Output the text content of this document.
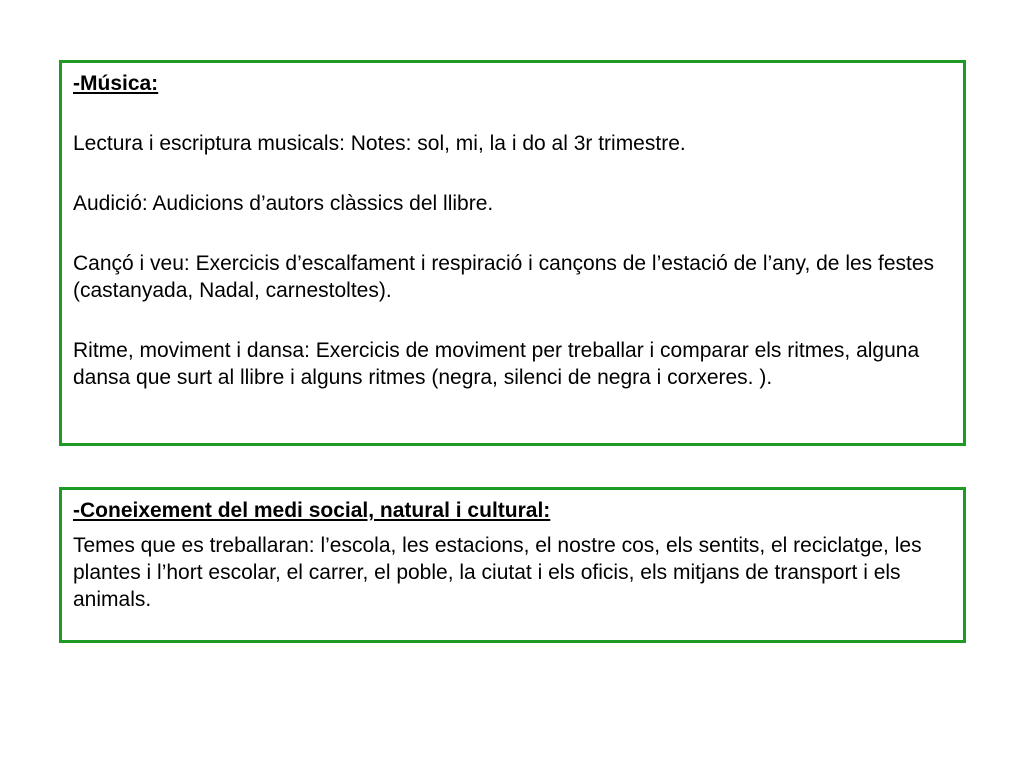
-Música:

Lectura i escriptura musicals: Notes: sol, mi, la i do al 3r trimestre.

Audició: Audicions d’autors clàssics del llibre.

Cançó i veu: Exercicis d’escalfament i respiració i cançons de l’estació de l’any, de les festes (castanyada, Nadal, carnestoltes).

Ritme, moviment i dansa: Exercicis de moviment per treballar i comparar els ritmes, alguna dansa que surt al llibre i alguns ritmes (negra, silenci de negra i corxeres. ).

-Coneixement del medi social, natural i cultural:

Temes que es treballaran: l’escola, les estacions, el nostre cos, els sentits, el reciclatge, les plantes i l’hort escolar, el carrer, el poble, la ciutat i els oficis, els mitjans de transport i els animals.
